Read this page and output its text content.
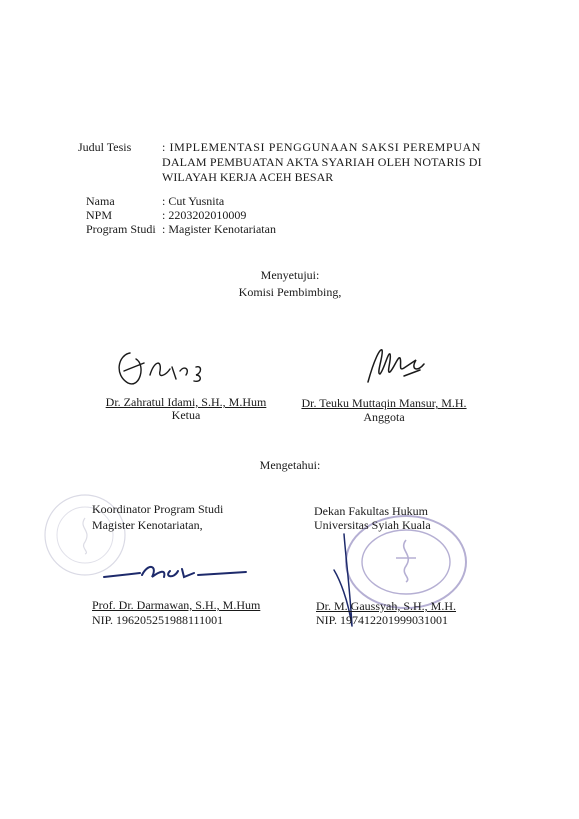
Judul Tesis	: IMPLEMENTASI PENGGUNAAN SAKSI PEREMPUAN
DALAM PEMBUATAN AKTA SYARIAH OLEH NOTARIS DI
WILAYAH KERJA ACEH BESAR
Nama	: Cut Yusnita
NPM	: 2203202010009
Program Studi : Magister Kenotariatan
Menyetujui:
Komisi Pembimbing,
Dr. Zahratul Idami, S.H., M.Hum
Ketua
Dr. Teuku Muttaqin Mansur, M.H.
Anggota
Mengetahui:
Koordinator Program Studi
Magister Kenotariatan,
Prof. Dr. Darmawan, S.H., M.Hum
NIP. 196205251988111001
Dekan Fakultas Hukum
Universitas Syiah Kuala
Dr. M. Gaussyah, S.H., M.H.
NIP. 197412201999031001
